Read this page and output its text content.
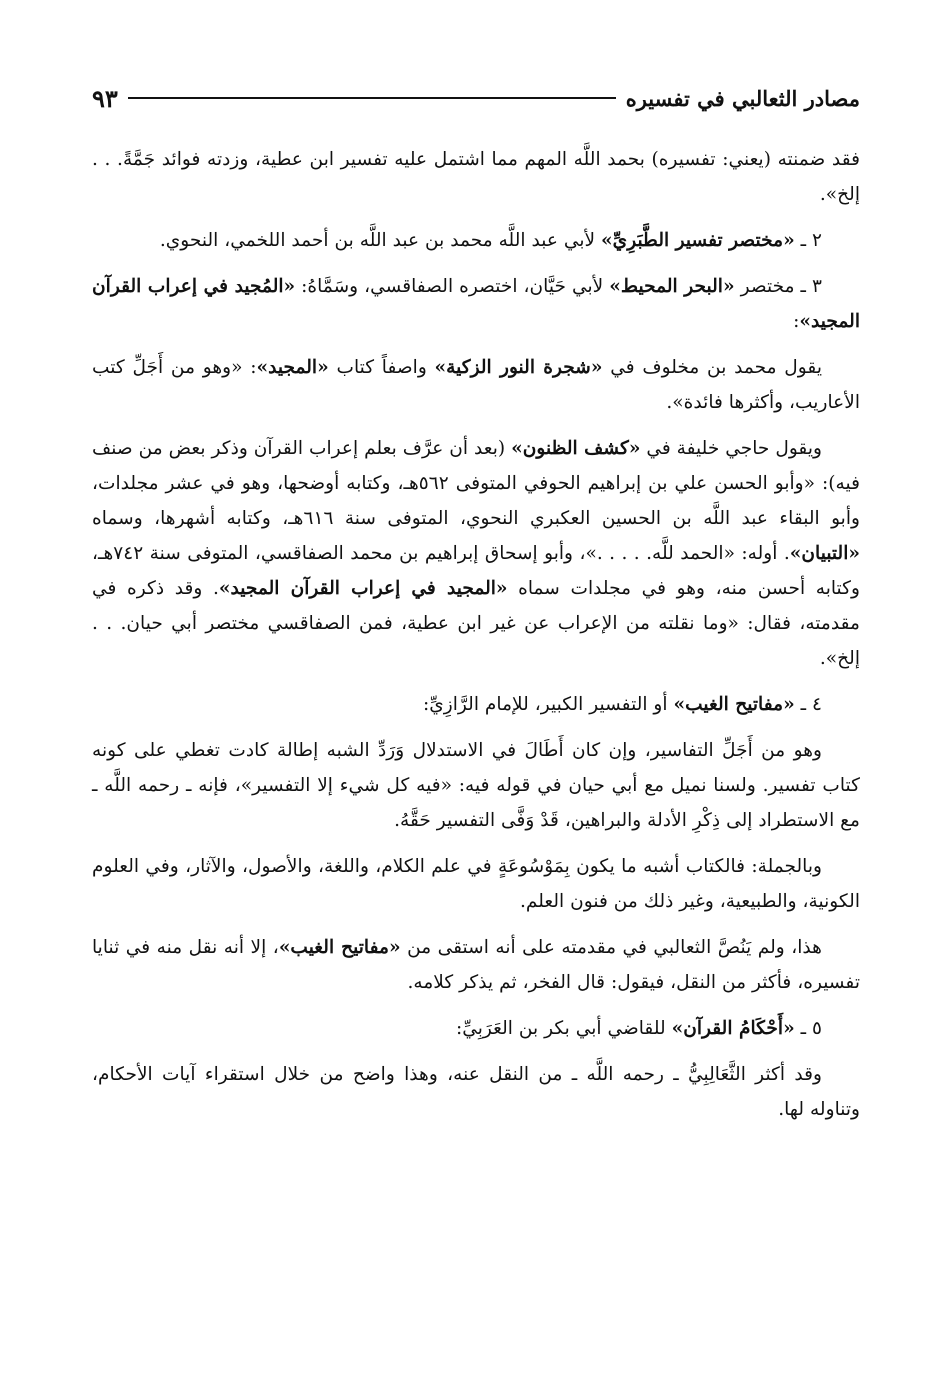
مصادر الثعالبي في تفسيره
٩٣

فقد ضمنته (يعني: تفسيره) بحمد اللَّه المهم مما اشتمل عليه تفسير ابن عطية، وزدته فوائد جَمَّةً. . . إلخ».

٢ ـ «مختصر تفسير الطَّبَرِيِّ» لأبي عبد اللَّه محمد بن عبد اللَّه بن أحمد اللخمي، النحوي.

٣ ـ مختصر «البحر المحيط» لأبي حَيَّان، اختصره الصفاقسي، وسَمَّاهُ: «المُجيد في إعراب القرآن المجيد»:

يقول محمد بن مخلوف في «شجرة النور الزكية» واصفاً كتاب «المجيد»: «وهو من أَجَلِّ كتب الأعاريب، وأكثرها فائدة».

ويقول حاجي خليفة في «كشف الظنون» (بعد أن عرَّف بعلم إعراب القرآن وذكر بعض من صنف فيه): «وأبو الحسن علي بن إبراهيم الحوفي المتوفى ٥٦٢هـ، وكتابه أوضحها، وهو في عشر مجلدات، وأبو البقاء عبد اللَّه بن الحسين العكبري النحوي، المتوفى سنة ٦١٦هـ، وكتابه أشهرها، وسماه «التبيان». أوله: «الحمد للَّه. . . . .»، وأبو إسحاق إبراهيم بن محمد الصفاقسي، المتوفى سنة ٧٤٢هـ، وكتابه أحسن منه، وهو في مجلدات سماه «المجيد في إعراب القرآن المجيد». وقد ذكره في مقدمته، فقال: «وما نقلته من الإعراب عن غير ابن عطية، فمن الصفاقسي مختصر أبي حيان. . . إلخ».

٤ ـ «مفاتيح الغيب» أو التفسير الكبير، للإمام الرَّازِيِّ:

وهو من أَجَلِّ التفاسير، وإن كان أَطَالَ في الاستدلال وَرَدِّ الشبه إطالة كادت تغطي على كونه كتاب تفسير. ولسنا نميل مع أبي حيان في قوله فيه: «فيه كل شيء إلا التفسير»، فإنه ـ رحمه اللَّه ـ مع الاستطراد إلى ذِكْرِ الأدلة والبراهين، قَدْ وَفَّى التفسير حَقَّهُ.

وبالجملة: فالكتاب أشبه ما يكون بِمَوْسُوعَةٍ في علم الكلام، واللغة، والأصول، والآثار، وفي العلوم الكونية، والطبيعية، وغير ذلك من فنون العلم.

هذا، ولم يَنُصَّ الثعالبي في مقدمته على أنه استقى من «مفاتيح الغيب»، إلا أنه نقل منه في ثنايا تفسيره، فأكثر من النقل، فيقول: قال الفخر، ثم يذكر كلامه.

٥ ـ «أَحْكَامُ القرآن» للقاضي أبي بكر بن العَرَبِيِّ:

وقد أكثر الثَّعَالِبِيُّ ـ رحمه اللَّه ـ من النقل عنه، وهذا واضح من خلال استقراء آيات الأحكام، وتناوله لها.
